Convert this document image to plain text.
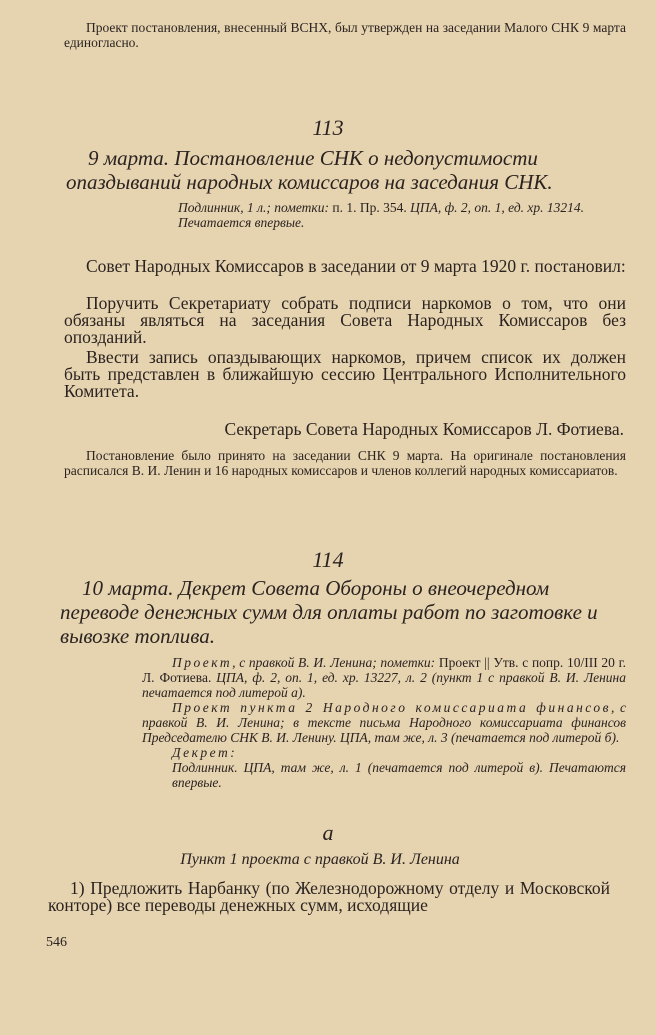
Проект постановления, внесенный ВСНХ, был утвержден на заседании Малого СНК 9 марта единогласно.

113

9 марта. Постановление СНК о недопустимости опаздываний народных комиссаров на заседания СНК.

Подлинник, 1 л.; пометки: п. 1. Пр. 354. ЦПА, ф. 2, оп. 1, ед. хр. 13214.
Печатается впервые.

Совет Народных Комиссаров в заседании от 9 марта 1920 г. постановил:

Поручить Секретариату собрать подписи наркомов о том, что они обязаны являться на заседания Совета Народных Комиссаров без опозданий.

Ввести запись опаздывающих наркомов, причем список их должен быть представлен в ближайшую сессию Центрального Исполнительного Комитета.

Секретарь Совета Народных Комиссаров Л. Фотиева.

Постановление было принято на заседании СНК 9 марта. На оригинале постановления расписался В. И. Ленин и 16 народных комиссаров и членов коллегий народных комиссариатов.

114

10 марта. Декрет Совета Обороны о внеочередном переводе денежных сумм для оплаты работ по заготовке и вывозке топлива.

Проект, с правкой В. И. Ленина; пометки: Проект || Утв. с попр. 10/III 20 г. Л. Фотиева. ЦПА, ф. 2, оп. 1, ед. хр. 13227, л. 2 (пункт 1 с правкой В. И. Ленина печатается под литерой а).
Проект пункта 2 Народного комиссариата финансов, с правкой В. И. Ленина; в тексте письма Народного комиссариата финансов Председателю СНК В. И. Ленину. ЦПА, там же, л. 3 (печатается под литерой б).
Декрет:
Подлинник. ЦПА, там же, л. 1 (печатается под литерой в). Печатаются впервые.
а
Пункт 1 проекта с правкой В. И. Ленина

1) Предложить Нарбанку (по Железнодорожному отделу и Московской конторе) все переводы денежных сумм, исходящие

546
